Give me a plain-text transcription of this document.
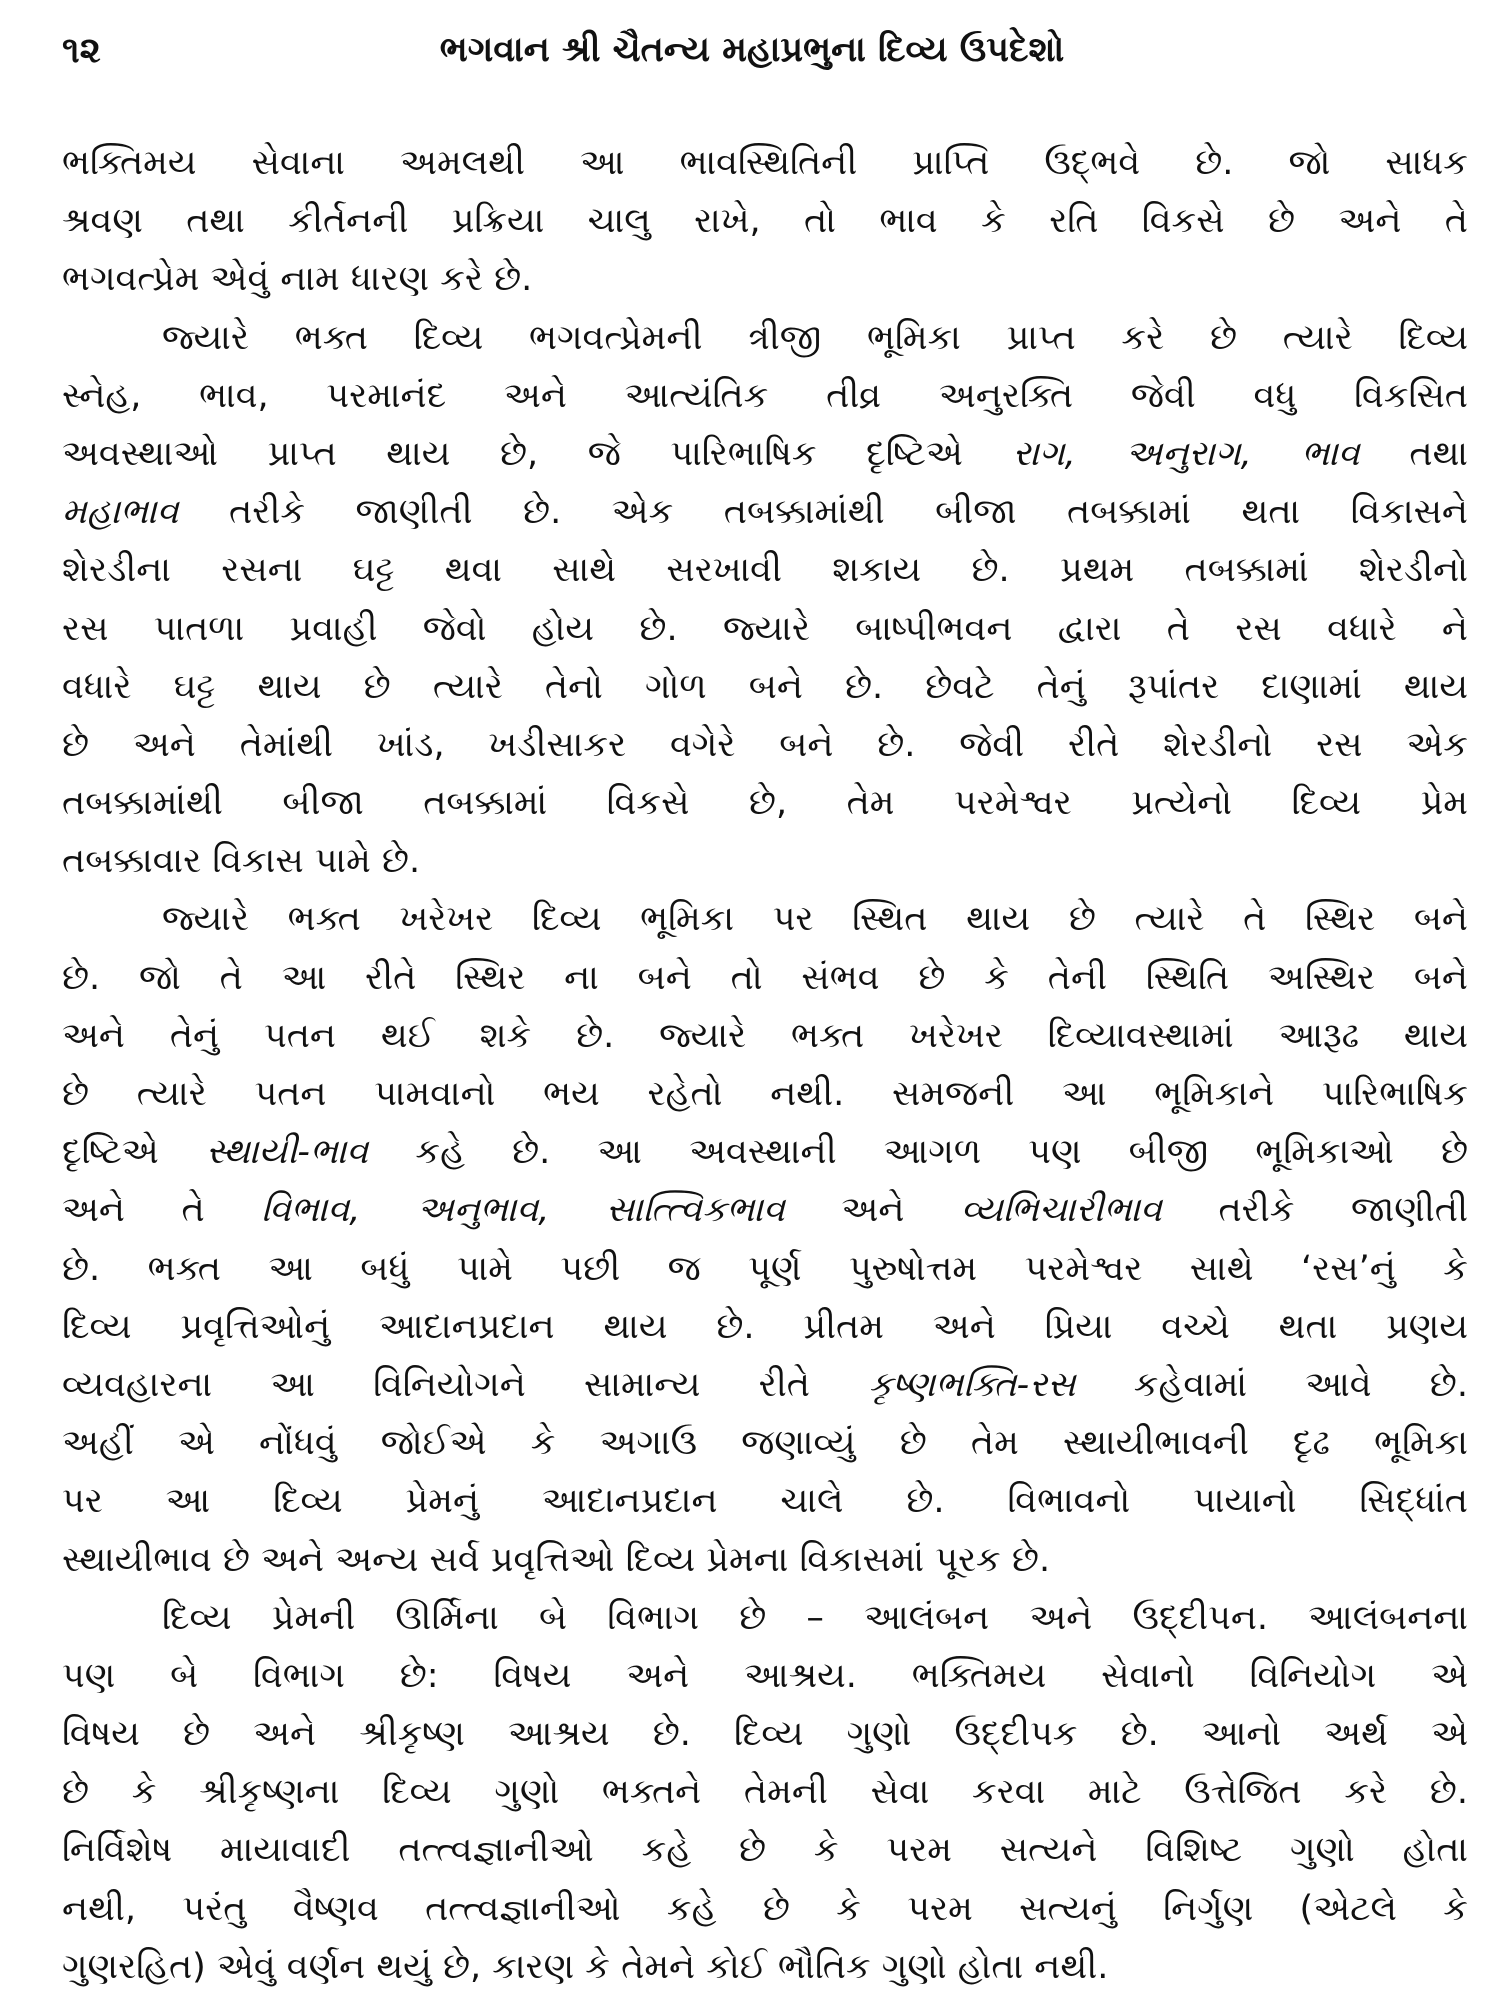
૧૨	ભગવાન શ્રી ચૈતન્ય મહાપ્રભુના દિવ્ય ઉપદેશો
ભક્તિમય સેવાના અમલથી આ ભાવસ્થિતિની પ્રાપ્તિ ઉદ્ભવે છે. જો સાધક
શ્રવણ તથા કીર્તનની પ્રક્રિયા ચાલુ રાખે, તો ભાવ કે રતિ વિકસે છે અને તે
ભગવત્પ્રેમ એવું નામ ધારણ કરે છે.
જ્યારે ભક્ત દિવ્ય ભગવત્પ્રેમની ત્રીજી ભૂમિકા પ્રાપ્ત કરે છે ત્યારે દિવ્ય
સ્નેહ, ભાવ, પરમાનંદ અને આત્યંતિક તીવ્ર અનુરક્તિ જેવી વધુ વિકસિત
અવસ્થાઓ પ્રાપ્ત થાય છે, જે પારિભાષિક દૃષ્ટિએ રાગ, અનુરાગ, ભાવ તથા
મહાભાવ તરીકે જાણીતી છે. એક તબક્કામાંથી બીજા તબક્કામાં થતા વિકાસને
શેરડીના રસના ઘટ્ટ થવા સાથે સરખાવી શકાય છે. પ્રથમ તબક્કામાં શેરડીનો
રસ પાતળા પ્રવાહી જેવો હોય છે. જ્યારે બાષ્પીભવન દ્વારા તે રસ વધારે ને
વધારે ઘટ્ટ થાય છે ત્યારે તેનો ગોળ બને છે. છેવટે તેનું રૂપાંતર દાણામાં થાય
છે અને તેમાંથી ખાંડ, ખડીસાકર વગેરે બને છે. જેવી રીતે શેરડીનો રસ એક
તબક્કામાંથી બીજા તબક્કામાં વિકસે છે, તેમ પરમેશ્વર પ્રત્યેનો દિવ્ય પ્રેમ
તબક્કાવાર વિકાસ પામે છે.
જ્યારે ભક્ત ખરેખર દિવ્ય ભૂમિકા પર સ્થિત થાય છે ત્યારે તે સ્થિર બને
છે. જો તે આ રીતે સ્થિર ના બને તો સંભવ છે કે તેની સ્થિતિ અસ્થિર બને
અને તેનું પતન થઈ શકે છે. જ્યારે ભક્ત ખરેખર દિવ્યાવસ્થામાં આરૂઢ થાય
છે ત્યારે પતન પામવાનો ભય રહેતો નથી. સમજની આ ભૂમિકાને પારિભાષિક
દૃષ્ટિએ સ્થાયી-ભાવ કહે છે. આ અવસ્થાની આગળ પણ બીજી ભૂમિકાઓ છે
અને તે વિભાવ, અનુભાવ, સાત્ત્વિકભાવ અને વ્યભિચારીભાવ તરીકે જાણીતી
છે. ભક્ત આ બધું પામે પછી જ પૂર્ણ પુરુષોત્તમ પરમેશ્વર સાથે ‘રસ’નું કે
દિવ્ય પ્રવૃત્તિઓનું આદાનપ્રદાન થાય છે. પ્રીતમ અને પ્રિયા વચ્ચે થતા પ્રણય
વ્યવહારના આ વિનિયોગને સામાન્ય રીતે કૃષ્ણભક્તિ-રસ કહેવામાં આવે છે.
અહીં એ નોંધવું જોઈએ કે અગાઉ જણાવ્યું છે તેમ સ્થાયીભાવની દૃઢ ભૂમિકા
પર આ દિવ્ય પ્રેમનું આદાનપ્રદાન ચાલે છે. વિભાવનો પાયાનો સિદ્ધાંત
સ્થાયીભાવ છે અને અન્ય સર્વ પ્રવૃત્તિઓ દિવ્ય પ્રેમના વિકાસમાં પૂરક છે.
દિવ્ય પ્રેમની ઊર્મિના બે વિભાગ છે – આલંબન અને ઉદ્દીપન. આલંબનના
પણ બે વિભાગ છે: વિષય અને આશ્રય. ભક્તિમય સેવાનો વિનિયોગ એ
વિષય છે અને શ્રીકૃષ્ણ આશ્રય છે. દિવ્ય ગુણો ઉદ્દીપક છે. આનો અર્થ એ
છે કે શ્રીકૃષ્ણના દિવ્ય ગુણો ભક્તને તેમની સેવા કરવા માટે ઉત્તેજિત કરે છે.
નિર્વિશેષ માયાવાદી તત્ત્વજ્ઞાનીઓ કહે છે કે પરમ સત્યને વિશિષ્ટ ગુણો હોતા
નથી, પરંતુ વૈષ્ણવ તત્ત્વજ્ઞાનીઓ કહે છે કે પરમ સત્યનું નિર્ગુણ (એટલે કે
ગુણરહિત) એવું વર્ણન થયું છે, કારણ કે તેમને કોઈ ભૌતિક ગુણો હોતા નથી.
